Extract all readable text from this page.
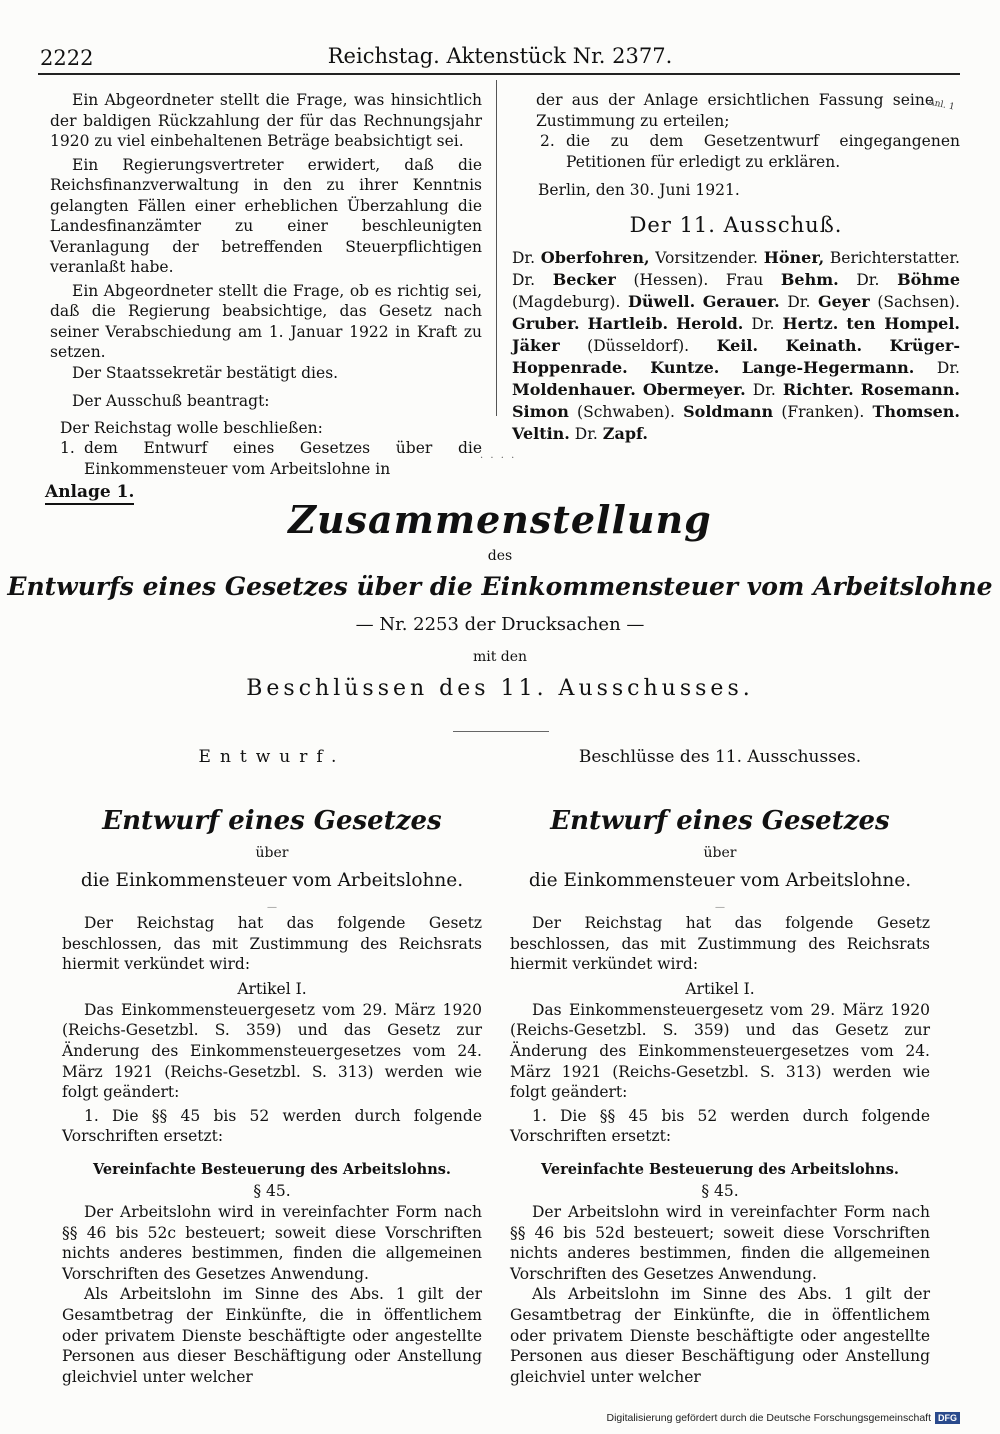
2222	Reichstag. Aktenstück Nr. 2377.

Ein Abgeordneter stellt die Frage, was hinsichtlich der baldigen Rückzahlung der für das Rechnungsjahr 1920 zu viel einbehaltenen Beträge beabsichtigt sei.

Ein Regierungsvertreter erwidert, daß die Reichsfinanzverwaltung in den zu ihrer Kenntnis gelangten Fällen einer erheblichen Überzahlung die Landesfinanzämter zu einer beschleunigten Veranlagung der betreffenden Steuerpflichtigen veranlaßt habe.

Ein Abgeordneter stellt die Frage, ob es richtig sei, daß die Regierung beabsichtige, das Gesetz nach seiner Verabschiedung am 1. Januar 1922 in Kraft zu setzen.

Der Staatssekretär bestätigt dies.

Der Ausschuß beantragt:

Der Reichstag wolle beschließen:

1. dem Entwurf eines Gesetzes über die Einkommensteuer vom Arbeitslohne in
der aus der Anlage ersichtlichen Fassung seine Zustimmung zu erteilen;
2. die zu dem Gesetzentwurf eingegangenen Petitionen für erledigt zu erklären.

Berlin, den 30. Juni 1921.

Der 11. Ausschuß.
Dr. Oberfohren, Vorsitzender. Höner, Berichterstatter. Dr. Becker (Hessen). Frau Behm. Dr. Böhme (Magdeburg). Düwell. Gerauer. Dr. Geyer (Sachsen). Gruber. Hartleib. Herold. Dr. Hertz. ten Hompel. Jäker (Düsseldorf). Keil. Keinath. Krüger-Hoppenrade. Kuntze. Lange-Hegermann. Dr. Moldenhauer. Obermeyer. Dr. Richter. Rosemann. Simon (Schwaben). Soldmann (Franken). Thomsen. Veltin. Dr. Zapf.
Anl. 1
· · · ·
Anlage 1.
Zusammenstellung
des
Entwurfs eines Gesetzes über die Einkommensteuer vom Arbeitslohne
— Nr. 2253 der Drucksachen —
mit den
Beschlüssen des 11. Ausschusses.
Entwurf.
Entwurf eines Gesetzes
über
die Einkommensteuer vom Arbeitslohne.
—

Der Reichstag hat das folgende Gesetz beschlossen, das mit Zustimmung des Reichsrats hiermit verkündet wird:

Artikel I.

Das Einkommensteuergesetz vom 29. März 1920 (Reichs-Gesetzbl. S. 359) und das Gesetz zur Änderung des Einkommensteuergesetzes vom 24. März 1921 (Reichs-Gesetzbl. S. 313) werden wie folgt geändert:

1. Die §§ 45 bis 52 werden durch folgende Vorschriften ersetzt:

Vereinfachte Besteuerung des Arbeitslohns.
§ 45.

Der Arbeitslohn wird in vereinfachter Form nach §§ 46 bis 52c besteuert; soweit diese Vorschriften nichts anderes bestimmen, finden die allgemeinen Vorschriften des Gesetzes Anwendung.

Als Arbeitslohn im Sinne des Abs. 1 gilt der Gesamtbetrag der Einkünfte, die in öffentlichem oder privatem Dienste beschäftigte oder angestellte Personen aus dieser Beschäftigung oder Anstellung gleichviel unter welcher

Beschlüsse des 11. Ausschusses.
Entwurf eines Gesetzes
über
die Einkommensteuer vom Arbeitslohne.
—

Der Reichstag hat das folgende Gesetz beschlossen, das mit Zustimmung des Reichsrats hiermit verkündet wird:

Artikel I.

Das Einkommensteuergesetz vom 29. März 1920 (Reichs-Gesetzbl. S. 359) und das Gesetz zur Änderung des Einkommensteuergesetzes vom 24. März 1921 (Reichs-Gesetzbl. S. 313) werden wie folgt geändert:

1. Die §§ 45 bis 52 werden durch folgende Vorschriften ersetzt:

Vereinfachte Besteuerung des Arbeitslohns.
§ 45.

Der Arbeitslohn wird in vereinfachter Form nach §§ 46 bis 52d besteuert; soweit diese Vorschriften nichts anderes bestimmen, finden die allgemeinen Vorschriften des Gesetzes Anwendung.

Als Arbeitslohn im Sinne des Abs. 1 gilt der Gesamtbetrag der Einkünfte, die in öffentlichem oder privatem Dienste beschäftigte oder angestellte Personen aus dieser Beschäftigung oder Anstellung gleichviel unter welcher

Digitalisierung gefördert durch die Deutsche Forschungsgemeinschaft DFG
